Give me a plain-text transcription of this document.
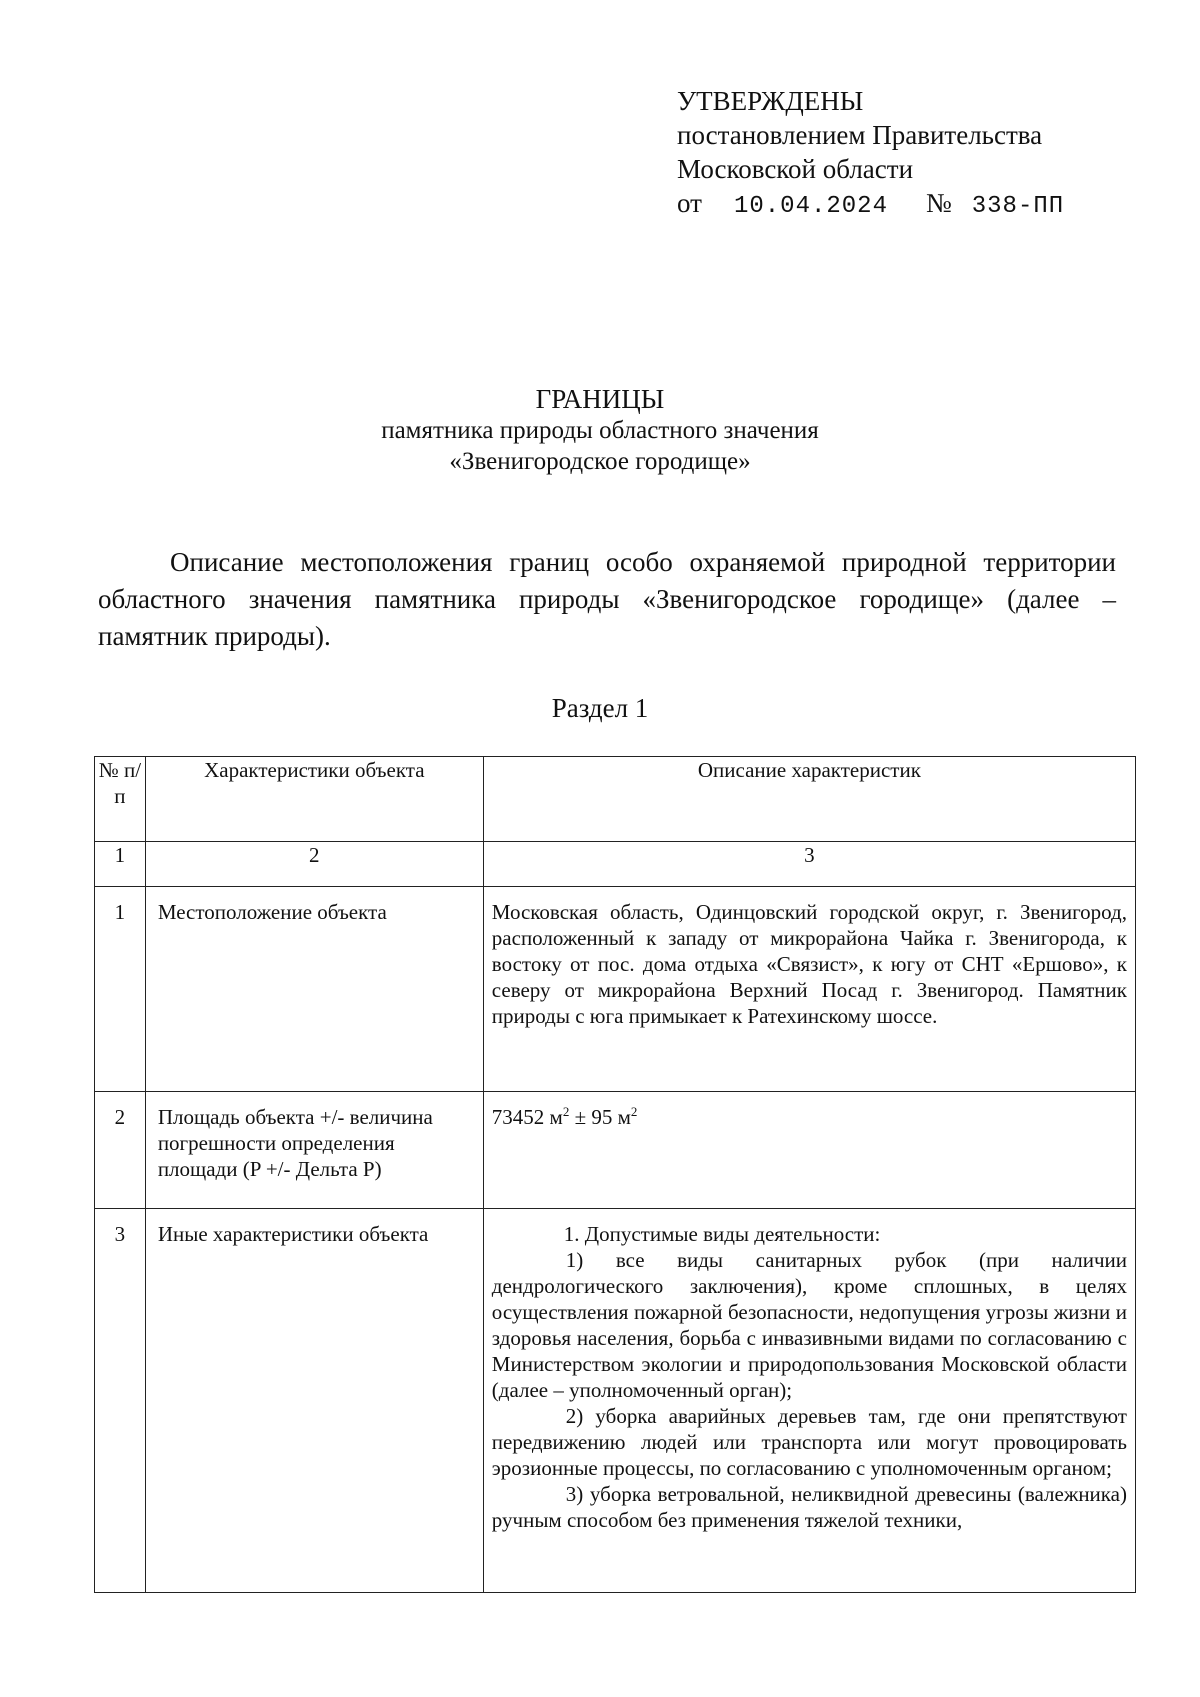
УТВЕРЖДЕНЫ
постановлением Правительства
Московской области
от 10.04.2024 № 338-ПП
ГРАНИЦЫ
памятника природы областного значения
«Звенигородское городище»
Описание местоположения границ особо охраняемой природной территории областного значения памятника природы «Звенигородское городище» (далее – памятник природы).
Раздел 1
№ п/п	Характеристики объекта	Описание характеристик
1	2	3
1	Местоположение объекта	Московская область, Одинцовский городской округ, г. Звенигород, расположенный к западу от микрорайона Чайка г. Звенигорода, к востоку от пос. дома отдыха «Связист», к югу от СНТ «Ершово», к северу от микрорайона Верхний Посад г. Звенигород. Памятник природы с юга примыкает к Ратехинскому шоссе.
2	Площадь объекта +/- величина погрешности определения площади (P +/- Дельта P)	73452 $м^2 \pm 95$ $м^2$
3	Иные характеристики объекта	1. Допустимые виды деятельности:

1) все виды санитарных рубок (при наличии дендрологического заключения), кроме сплошных, в целях осуществления пожарной безопасности, недопущения угрозы жизни и здоровья населения, борьба с инвазивными видами по согласованию с Министерством экологии и природопользования Московской области (далее – уполномоченный орган);

2) уборка аварийных деревьев там, где они препятствуют передвижению людей или транспорта или могут провоцировать эрозионные процессы, по согласованию с уполномоченным органом;

3) уборка ветровальной, неликвидной древесины (валежника) ручным способом без применения тяжелой техники,
